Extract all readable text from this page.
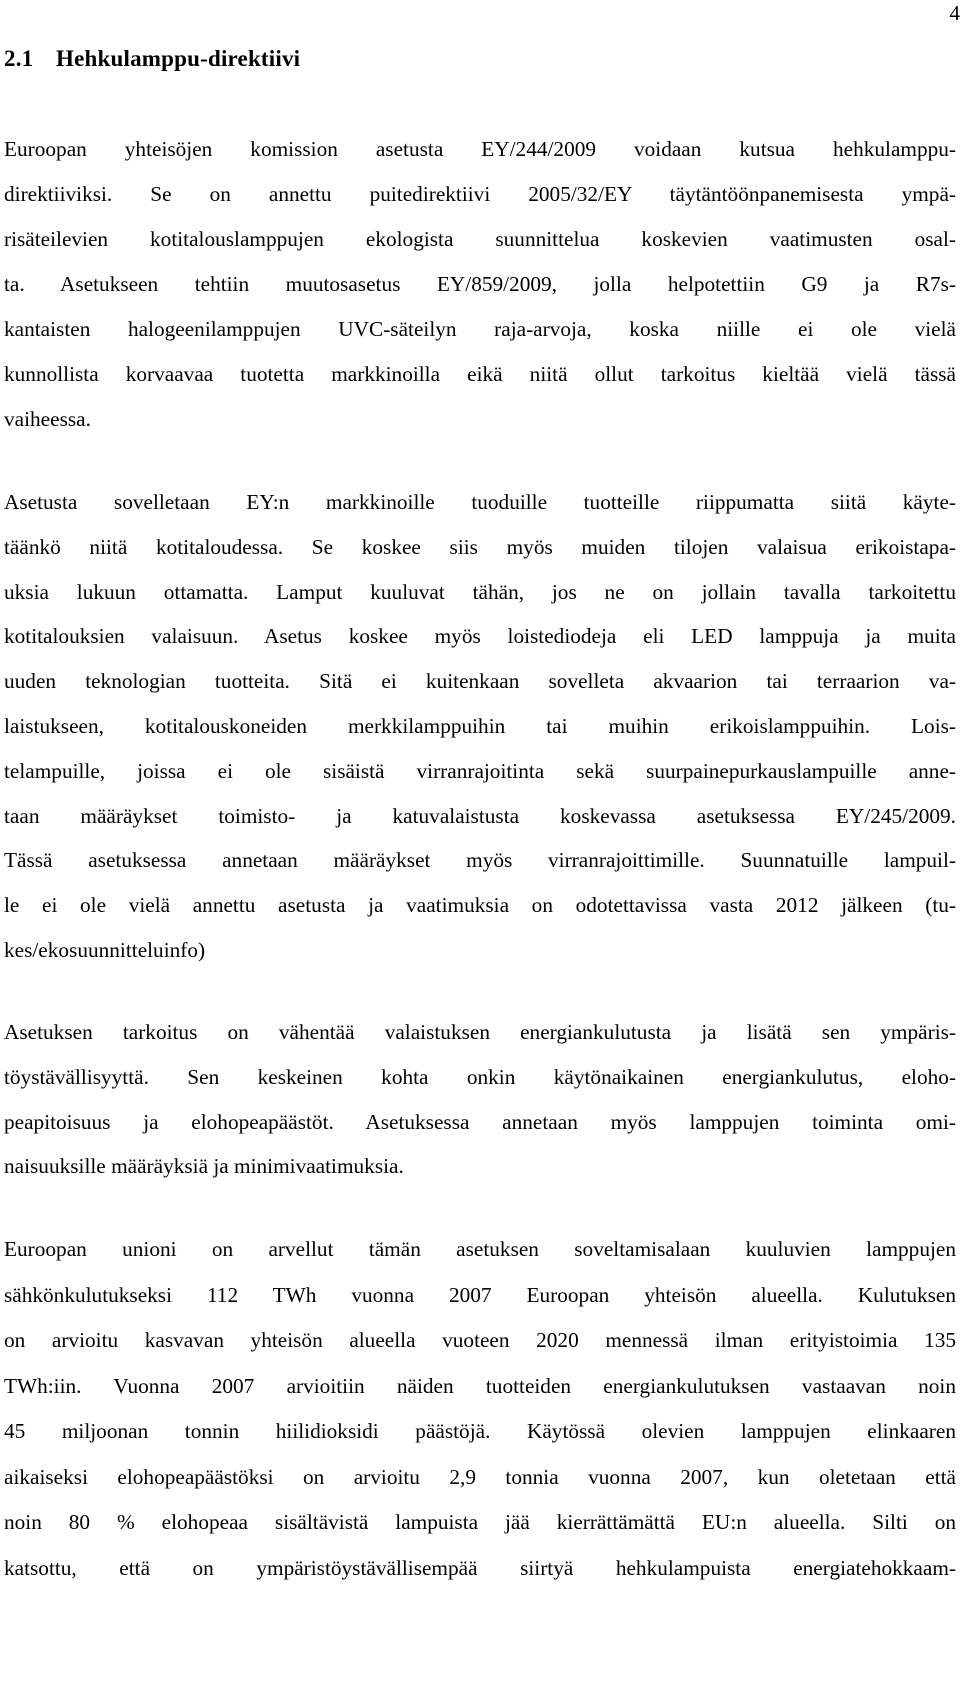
4
2.1 Hehkulamppu-direktiivi

Euroopan yhteisöjen komission asetusta EY/244/2009 voidaan kutsua hehkulamppu-
direktiiviksi. Se on annettu puitedirektiivi 2005/32/EY täytäntöönpanemisesta ympä-
risäteilevien kotitalouslamppujen ekologista suunnittelua koskevien vaatimusten osal-
ta. Asetukseen tehtiin muutosasetus EY/859/2009, jolla helpotettiin G9 ja R7s-
kantaisten halogeenilamppujen UVC-säteilyn raja-arvoja, koska niille ei ole vielä
kunnollista korvaavaa tuotetta markkinoilla eikä niitä ollut tarkoitus kieltää vielä tässä
vaiheessa.

Asetusta sovelletaan EY:n markkinoille tuoduille tuotteille riippumatta siitä käyte-
täänkö niitä kotitaloudessa. Se koskee siis myös muiden tilojen valaisua erikoistapa-
uksia lukuun ottamatta. Lamput kuuluvat tähän, jos ne on jollain tavalla tarkoitettu
kotitalouksien valaisuun. Asetus koskee myös loistediodeja eli LED lamppuja ja muita
uuden teknologian tuotteita. Sitä ei kuitenkaan sovelleta akvaarion tai terraarion va-
laistukseen, kotitalouskoneiden merkkilamppuihin tai muihin erikoislamppuihin. Lois-
telampuille, joissa ei ole sisäistä virranrajoitinta sekä suurpainepurkauslampuille anne-
taan määräykset toimisto- ja katuvalaistusta koskevassa asetuksessa EY/245/2009.
Tässä asetuksessa annetaan määräykset myös virranrajoittimille. Suunnatuille lampuil-
le ei ole vielä annettu asetusta ja vaatimuksia on odotettavissa vasta 2012 jälkeen (tu-
kes/ekosuunnitteluinfo)

Asetuksen tarkoitus on vähentää valaistuksen energiankulutusta ja lisätä sen ympäris-
töystävällisyyttä. Sen keskeinen kohta onkin käytönaikainen energiankulutus, eloho-
peapitoisuus ja elohopeapäästöt. Asetuksessa annetaan myös lamppujen toiminta omi-
naisuuksille määräyksiä ja minimivaatimuksia.

Euroopan unioni on arvellut tämän asetuksen soveltamisalaan kuuluvien lamppujen
sähkönkulutukseksi 112 TWh vuonna 2007 Euroopan yhteisön alueella. Kulutuksen
on arvioitu kasvavan yhteisön alueella vuoteen 2020 mennessä ilman erityistoimia 135
TWh:iin. Vuonna 2007 arvioitiin näiden tuotteiden energiankulutuksen vastaavan noin
45 miljoonan tonnin hiilidioksidi päästöjä. Käytössä olevien lamppujen elinkaaren
aikaiseksi elohopeapäästöksi on arvioitu 2,9 tonnia vuonna 2007, kun oletetaan että
noin 80 % elohopeaa sisältävistä lampuista jää kierrättämättä EU:n alueella. Silti on
katsottu, että on ympäristöystävällisempää siirtyä hehkulampuista energiatehokkaam-
